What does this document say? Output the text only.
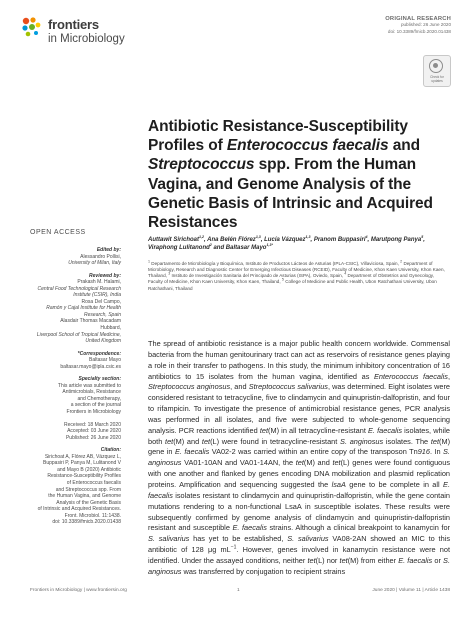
frontiers
in Microbiology
ORIGINAL RESEARCH
published: 26 June 2020
doi: 10.3389/fmicb.2020.01438
Check for
updates
Antibiotic Resistance-Susceptibility Profiles of Enterococcus faecalis and Streptococcus spp. From the Human Vagina, and Genome Analysis of the Genetic Basis of Intrinsic and Acquired Resistances
OPEN ACCESS
Edited by:
Alessandro Pollisi,
University of Milan, Italy
Reviewed by:
Prakash M. Halami,
Central Food Technological Research
Institute (CSIR), India
Rosa Del Campo,
Ramón y Cajal Institute for Health
Research, Spain
Alasdair Thomas Macadam
Hubbard,
Liverpool School of Tropical Medicine,
United Kingdom
*Correspondence:
Baltasar Mayo
baltasar.mayo@ipla.csic.es
Specialty section:
This article was submitted to
Antimicrobials, Resistance
and Chemotherapy,
a section of the journal
Frontiers in Microbiology
Received: 18 March 2020
Accepted: 03 June 2020
Published: 26 June 2020
Citation:
Sirichoat A, Flórez AB, Vázquez L,
Buppasiri P, Panya M, Lulitanond V
and Mayo B (2020) Antibiotic
Resistance-Susceptibility Profiles
of Enterococcus faecalis
and Streptococcus spp. From
the Human Vagina, and Genome
Analysis of the Genetic Basis
of Intrinsic and Acquired Resistances.
Front. Microbiol. 11:1438.
doi: 10.3389/fmicb.2020.01438
Auttawit Sirichoat$^{1,2}$, Ana Belén Flórez$^{1,3}$, Lucía Vázquez$^{1,3}$, Pranom Buppasiri$^4$, Marutpong Panya$^5$, Viraphong Lulitanond$^2$ and Baltasar Mayo$^{1,3*}$
$^1$ Departamento de Microbiología y Bioquímica, Instituto de Productos Lácteos de Asturias (IPLA-CSIC), Villaviciosa, Spain, $^2$ Department of Microbiology, Research and Diagnostic Center for Emerging Infectious Diseases (RCEID), Faculty of Medicine, Khon Kaen University, Khon Kaen, Thailand, $^3$ Instituto de Investigación Sanitaria del Principado de Asturias (ISPA), Oviedo, Spain, $^4$ Department of Obstetrics and Gynecology, Faculty of Medicine, Khon Kaen University, Khon Kaen, Thailand, $^5$ College of Medicine and Public Health, Ubon Ratchathani University, Ubon Ratchathani, Thailand
The spread of antibiotic resistance is a major public health concern worldwide. Commensal bacteria from the human genitourinary tract can act as reservoirs of resistance genes playing a role in their transfer to pathogens. In this study, the minimum inhibitory concentration of 16 antibiotics to 15 isolates from the human vagina, identified as Enterococcus faecalis, Streptococcus anginosus, and Streptococcus salivarius, was determined. Eight isolates were considered resistant to tetracycline, five to clindamycin and quinupristin-dalfopristin, and four to rifampicin. To investigate the presence of antimicrobial resistance genes, PCR analysis was performed in all isolates, and five were subjected to whole-genome sequencing analysis. PCR reactions identified tet(M) in all tetracycline-resistant E. faecalis isolates, while both tet(M) and tet(L) were found in tetracycline-resistant S. anginosus isolates. The tet(M) gene in E. faecalis VA02-2 was carried within an entire copy of the transposon Tn916. In S. anginosus VA01-10AN and VA01-14AN, the tet(M) and tet(L) genes were found contiguous with one another and flanked by genes encoding DNA mobilization and plasmid replication proteins. Amplification and sequencing suggested the lsaA gene to be complete in all E. faecalis isolates resistant to clindamycin and quinupristin-dalfopristin, while the gene contain mutations rendering to a non-functional LsaA in susceptible isolates. These results were subsequently confirmed by genome analysis of clindamycin and quinupristin-dalfopristin resistant and susceptible E. faecalis strains. Although a clinical breakpoint to kanamycin for S. salivarius has yet to be established, S. salivarius VA08-2AN showed an MIC to this antibiotic of 128 μg $mL^{-1}$. However, genes involved in kanamycin resistance were not identified. Under the assayed conditions, neither tet(L) nor tet(M) from either E. faecalis or S. anginosus was transferred by conjugation to recipient strains
Frontiers in Microbiology | www.frontiersin.org	1	June 2020 | Volume 11 | Article 1438
